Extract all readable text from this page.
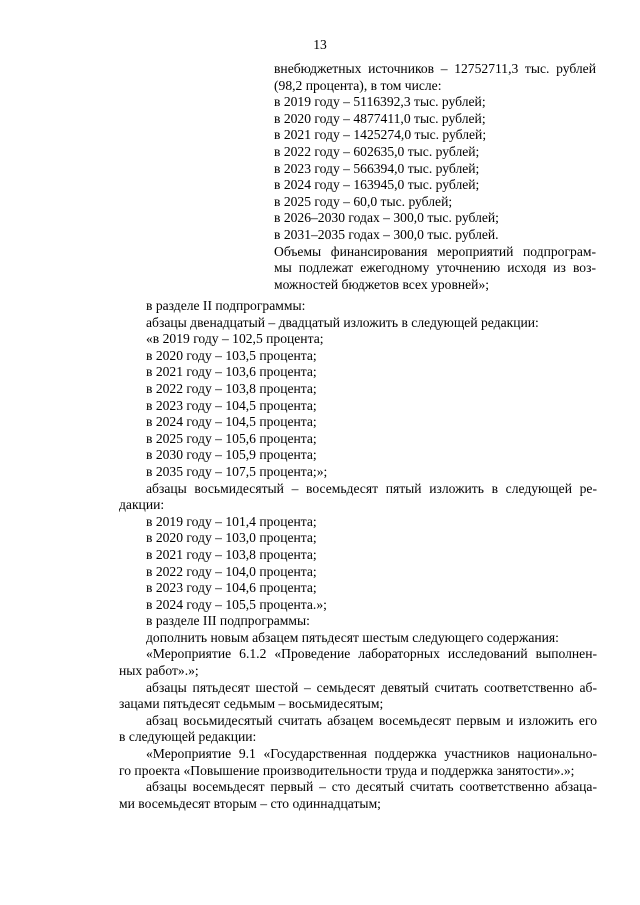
13
внебюджетных источников – 12752711,3 тыс. рублей
(98,2 процента), в том числе:
в 2019 году – 5116392,3 тыс. рублей;
в 2020 году – 4877411,0 тыс. рублей;
в 2021 году – 1425274,0 тыс. рублей;
в 2022 году – 602635,0 тыс. рублей;
в 2023 году – 566394,0 тыс. рублей;
в 2024 году – 163945,0 тыс. рублей;
в 2025 году – 60,0 тыс. рублей;
в 2026–2030 годах – 300,0 тыс. рублей;
в 2031–2035 годах – 300,0 тыс. рублей.
Объемы финансирования мероприятий подпрограм-
мы подлежат ежегодному уточнению исходя из воз-
можностей бюджетов всех уровней»;
в разделе II подпрограммы:
абзацы двенадцатый – двадцатый изложить в следующей редакции:
«в 2019 году – 102,5 процента;
в 2020 году – 103,5 процента;
в 2021 году – 103,6 процента;
в 2022 году – 103,8 процента;
в 2023 году – 104,5 процента;
в 2024 году – 104,5 процента;
в 2025 году – 105,6 процента;
в 2030 году – 105,9 процента;
в 2035 году – 107,5 процента;»;
абзацы восьмидесятый – восемьдесят пятый изложить в следующей ре-
дакции:
в 2019 году – 101,4 процента;
в 2020 году – 103,0 процента;
в 2021 году – 103,8 процента;
в 2022 году – 104,0 процента;
в 2023 году – 104,6 процента;
в 2024 году – 105,5 процента.»;
в разделе III подпрограммы:
дополнить новым абзацем пятьдесят шестым следующего содержания:
«Мероприятие 6.1.2 «Проведение лабораторных исследований выполнен-
ных работ».»;
абзацы пятьдесят шестой – семьдесят девятый считать соответственно аб-
зацами пятьдесят седьмым – восьмидесятым;
абзац восьмидесятый считать абзацем восемьдесят первым и изложить его
в следующей редакции:
«Мероприятие 9.1 «Государственная поддержка участников национально-
го проекта «Повышение производительности труда и поддержка занятости».»;
абзацы восемьдесят первый – сто десятый считать соответственно абзаца-
ми восемьдесят вторым – сто одиннадцатым;
